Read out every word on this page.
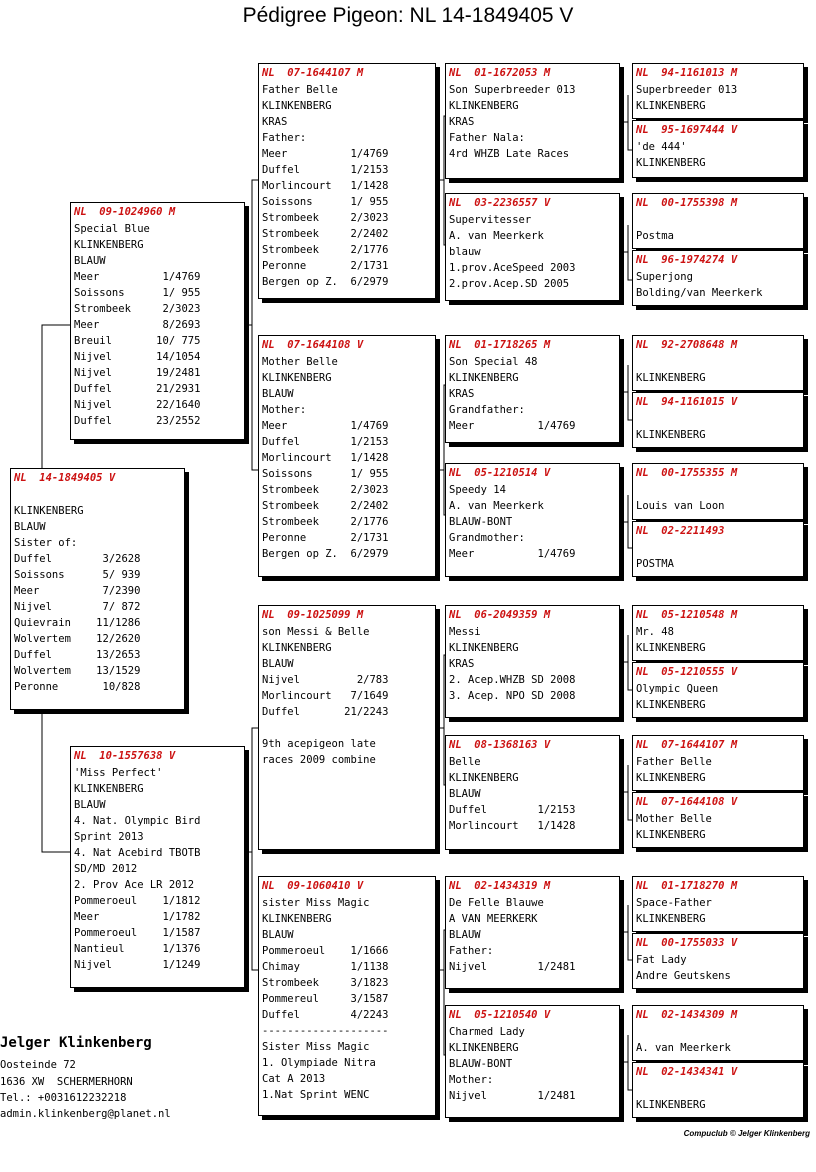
Pédigree Pigeon: NL 14-1849405 V
NL  14-1849405 V
KLINKENBERG
BLAUW
Sister of:
Duffel        3/2628
Soissons      5/ 939
Meer          7/2390
Nijvel        7/ 872
Quievrain    11/1286
Wolvertem    12/2620
Duffel       13/2653
Wolvertem    13/1529
Peronne       10/828
NL  09-1024960 M
Special Blue
KLINKENBERG
BLAUW
Meer          1/4769
Soissons      1/ 955
Strombeek     2/3023
Meer          8/2693
Breuil       10/ 775
Nijvel       14/1054
Nijvel       19/2481
Duffel       21/2931
Nijvel       22/1640
Duffel       23/2552
NL  10-1557638 V
'Miss Perfect'
KLINKENBERG
BLAUW
4. Nat. Olympic Bird
Sprint 2013
4. Nat Acebird TBOTB
SD/MD 2012
2. Prov Ace LR 2012
Pommeroeul    1/1812
Meer          1/1782
Pommeroeul    1/1587
Nantieul      1/1376
Nijvel        1/1249
NL  07-1644107 M
Father Belle
KLINKENBERG
KRAS
Father:
Meer          1/4769
Duffel        1/2153
Morlincourt   1/1428
Soissons      1/ 955
Strombeek     2/3023
Strombeek     2/2402
Strombeek     2/1776
Peronne       2/1731
Bergen op Z.  6/2979
NL  07-1644108 V
Mother Belle
KLINKENBERG
BLAUW
Mother:
Meer          1/4769
Duffel        1/2153
Morlincourt   1/1428
Soissons      1/ 955
Strombeek     2/3023
Strombeek     2/2402
Strombeek     2/1776
Peronne       2/1731
Bergen op Z.  6/2979
NL  09-1025099 M
son Messi & Belle
KLINKENBERG
BLAUW
Nijvel         2/783
Morlincourt   7/1649
Duffel       21/2243
9th acepigeon late
races 2009 combine
NL  09-1060410 V
sister Miss Magic
KLINKENBERG
BLAUW
Pommeroeul    1/1666
Chimay        1/1138
Strombeek     3/1823
Pommereul     3/1587
Duffel        4/2243
--------------------
Sister Miss Magic
1. Olympiade Nitra
Cat A 2013
1.Nat Sprint WENC
NL  01-1672053 M
Son Superbreeder 013
KLINKENBERG
KRAS
Father Nala:
4rd WHZB Late Races
NL  03-2236557 V
Supervitesser
A. van Meerkerk
blauw
1.prov.AceSpeed 2003
2.prov.Acep.SD 2005
NL  01-1718265 M
Son Special 48
KLINKENBERG
KRAS
Grandfather:
Meer          1/4769
NL  05-1210514 V
Speedy 14
A. van Meerkerk
BLAUW-BONT
Grandmother:
Meer          1/4769
NL  06-2049359 M
Messi
KLINKENBERG
KRAS
2. Acep.WHZB SD 2008
3. Acep. NPO SD 2008
NL  08-1368163 V
Belle
KLINKENBERG
BLAUW
Duffel        1/2153
Morlincourt   1/1428
NL  02-1434319 M
De Felle Blauwe
A VAN MEERKERK
BLAUW
Father:
Nijvel        1/2481
NL  05-1210540 V
Charmed Lady
KLINKENBERG
BLAUW-BONT
Mother:
Nijvel        1/2481
NL  94-1161013 M
Superbreeder 013
KLINKENBERG
NL  95-1697444 V
'de 444'
KLINKENBERG
NL  00-1755398 M
Postma
NL  96-1974274 V
Superjong
Bolding/van Meerkerk
NL  92-2708648 M
KLINKENBERG
NL  94-1161015 V
KLINKENBERG
NL  00-1755355 M
Louis van Loon
NL  02-2211493
POSTMA
NL  05-1210548 M
Mr. 48
KLINKENBERG
NL  05-1210555 V
Olympic Queen
KLINKENBERG
NL  07-1644107 M
Father Belle
KLINKENBERG
NL  07-1644108 V
Mother Belle
KLINKENBERG
NL  01-1718270 M
Space-Father
KLINKENBERG
NL  00-1755033 V
Fat Lady
Andre Geutskens
NL  02-1434309 M
A. van Meerkerk
NL  02-1434341 V
KLINKENBERG
Jelger Klinkenberg
Oosteinde 72
1636 XW  SCHERMERHORN
Tel.: +0031612232218
admin.klinkenberg@planet.nl
Compuclub © Jelger Klinkenberg
